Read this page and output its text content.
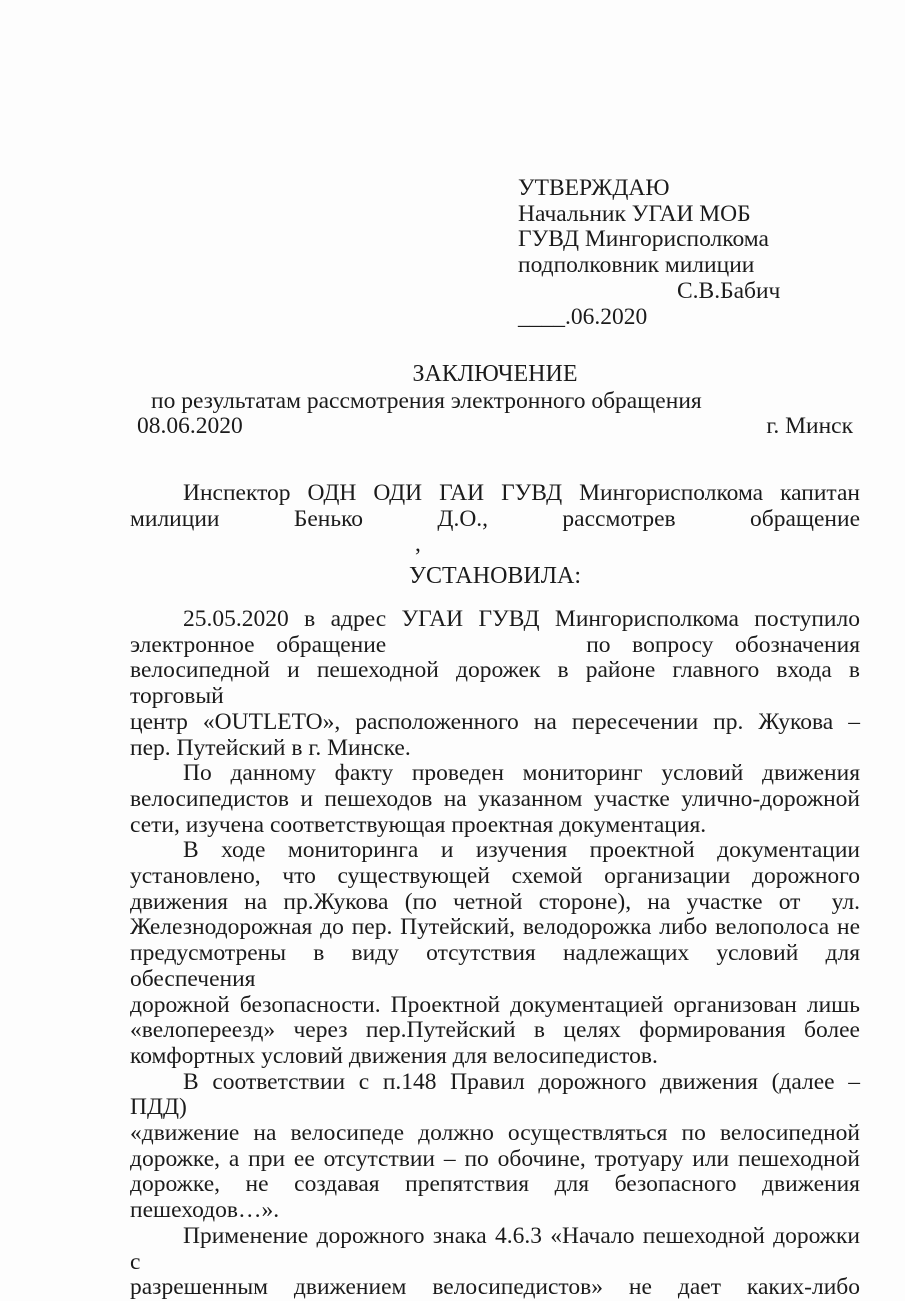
УТВЕРЖДАЮ
Начальник УГАИ МОБ
ГУВД Мингорисполкома
подполковник милиции
С.В.Бабич
____.06.2020
ЗАКЛЮЧЕНИЕ
по результатам рассмотрения электронного обращения
08.06.2020	г. Минск
Инспектор ОДН ОДИ ГАИ ГУВД Мингорисполкома капитан
милиции Бенько Д.О., рассмотрев обращение,
УСТАНОВИЛА:
25.05.2020 в адрес УГАИ ГУВД Мингорисполкома поступило
электронное обращение	по вопросу обозначения
велосипедной и пешеходной дорожек в районе главного входа в торговый
центр «OUTLETO», расположенного на пересечении пр. Жукова –
пер. Путейский в г. Минске.
По данному факту проведен мониторинг условий движения
велосипедистов и пешеходов на указанном участке улично-дорожной
сети, изучена соответствующая проектная документация.
В ходе мониторинга и изучения проектной документации
установлено, что существующей схемой организации дорожного
движения на пр.Жукова (по четной стороне), на участке от ул.
Железнодорожная до пер. Путейский, велодорожка либо велополоса не
предусмотрены в виду отсутствия надлежащих условий для обеспечения
дорожной безопасности. Проектной документацией организован лишь
«велопереезд» через пер.Путейский в целях формирования более
комфортных условий движения для велосипедистов.
В соответствии с п.148 Правил дорожного движения (далее – ПДД)
«движение на велосипеде должно осуществляться по велосипедной
дорожке, а при ее отсутствии – по обочине, тротуару или пешеходной
дорожке, не создавая препятствия для безопасного движения
пешеходов…».
Применение дорожного знака 4.6.3 «Начало пешеходной дорожки с
разрешенным движением велосипедистов» не дает каких-либо
